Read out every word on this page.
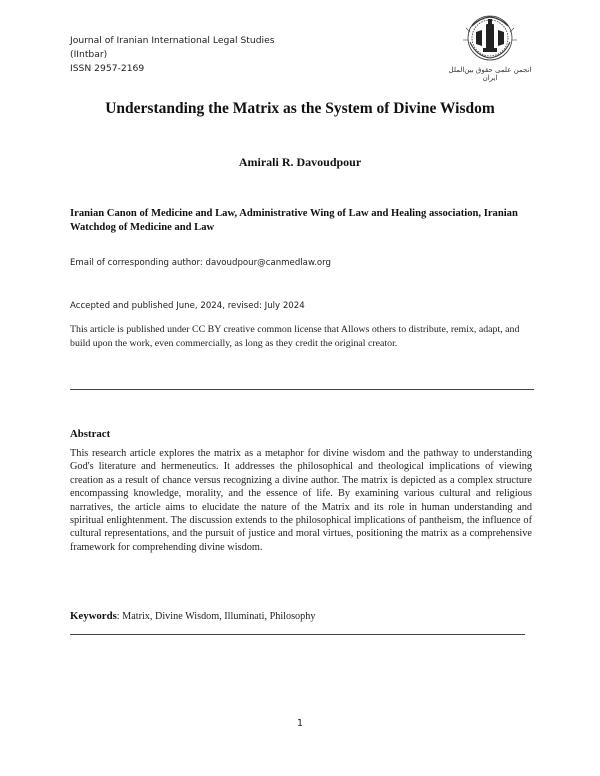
Journal of Iranian International Legal Studies
(IIntbar)
ISSN 2957-2169	انجمن علمی حقوق بین‌الملل ایران
Understanding the Matrix as the System of Divine Wisdom
Amirali R. Davoudpour
Iranian Canon of Medicine and Law, Administrative Wing of Law and Healing association, Iranian Watchdog of Medicine and Law
Email of corresponding author: davoudpour@canmedlaw.org
Accepted and published June, 2024, revised: July 2024
This article is published under CC BY creative common license that Allows others to distribute, remix, adapt, and build upon the work, even commercially, as long as they credit the original creator.
Abstract
This research article explores the matrix as a metaphor for divine wisdom and the pathway to understanding God's literature and hermeneutics. It addresses the philosophical and theological implications of viewing creation as a result of chance versus recognizing a divine author. The matrix is depicted as a complex structure encompassing knowledge, morality, and the essence of life. By examining various cultural and religious narratives, the article aims to elucidate the nature of the Matrix and its role in human understanding and spiritual enlightenment. The discussion extends to the philosophical implications of pantheism, the influence of cultural representations, and the pursuit of justice and moral virtues, positioning the matrix as a comprehensive framework for comprehending divine wisdom.
Keywords: Matrix, Divine Wisdom, Illuminati, Philosophy
1
